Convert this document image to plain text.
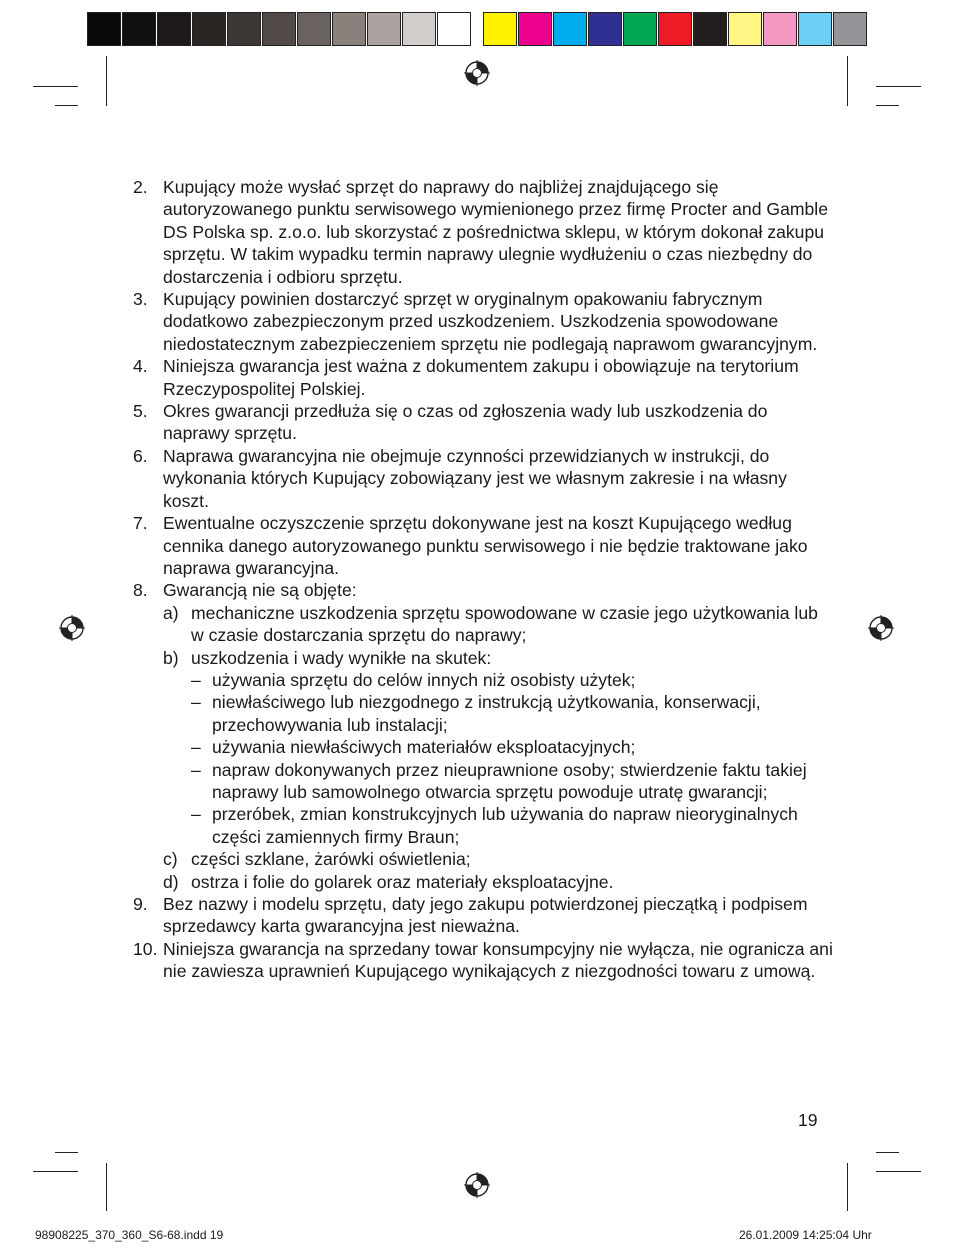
2. Kupujący może wysłać sprzęt do naprawy do najbliżej znajdującego się autoryzowanego punktu serwisowego wymienionego przez firmę Procter and Gamble DS Polska sp. z.o.o. lub skorzystać z pośrednictwa sklepu, w którym dokonał zakupu sprzętu. W takim wypadku termin naprawy ulegnie wydłużeniu o czas niezbędny do dostarczenia i odbioru sprzętu.
3. Kupujący powinien dostarczyć sprzęt w oryginalnym opakowaniu fabrycznym dodatkowo zabezpieczonym przed uszkodzeniem. Uszkodzenia spowodowane niedostatecznym zabezpieczeniem sprzętu nie podlegają naprawom gwarancyjnym.
4. Niniejsza gwarancja jest ważna z dokumentem zakupu i obowiązuje na terytorium Rzeczypospolitej Polskiej.
5. Okres gwarancji przedłuża się o czas od zgłoszenia wady lub uszkodzenia do naprawy sprzętu.
6. Naprawa gwarancyjna nie obejmuje czynności przewidzianych w instrukcji, do wykonania których Kupujący zobowiązany jest we własnym zakresie i na własny koszt.
7. Ewentualne oczyszczenie sprzętu dokonywane jest na koszt Kupującego według cennika danego autoryzowanego punktu serwisowego i nie będzie traktowane jako naprawa gwarancyjna.
8. Gwarancją nie są objęte:
a) mechaniczne uszkodzenia sprzętu spowodowane w czasie jego użytkowania lub w czasie dostarczania sprzętu do naprawy;
b) uszkodzenia i wady wynikłe na skutek:
– używania sprzętu do celów innych niż osobisty użytek;
– niewłaściwego lub niezgodnego z instrukcją użytkowania, konserwacji, przechowywania lub instalacji;
– używania niewłaściwych materiałów eksploatacyjnych;
– napraw dokonywanych przez nieuprawnione osoby; stwierdzenie faktu takiej naprawy lub samowolnego otwarcia sprzętu powoduje utratę gwarancji;
– przeróbek, zmian konstrukcyjnych lub używania do napraw nieoryginalnych części zamiennych firmy Braun;
c) części szklane, żarówki oświetlenia;
d) ostrza i folie do golarek oraz materiały eksploatacyjne.
9. Bez nazwy i modelu sprzętu, daty jego zakupu potwierdzonej pieczątką i podpisem sprzedawcy karta gwarancyjna jest nieważna.
10. Niniejsza gwarancja na sprzedany towar konsumpcyjny nie wyłącza, nie ogranicza ani nie zawiesza uprawnień Kupującego wynikających z niezgodności towaru z umową.
19
98908225_370_360_S6-68.indd 19	26.01.2009 14:25:04 Uhr
